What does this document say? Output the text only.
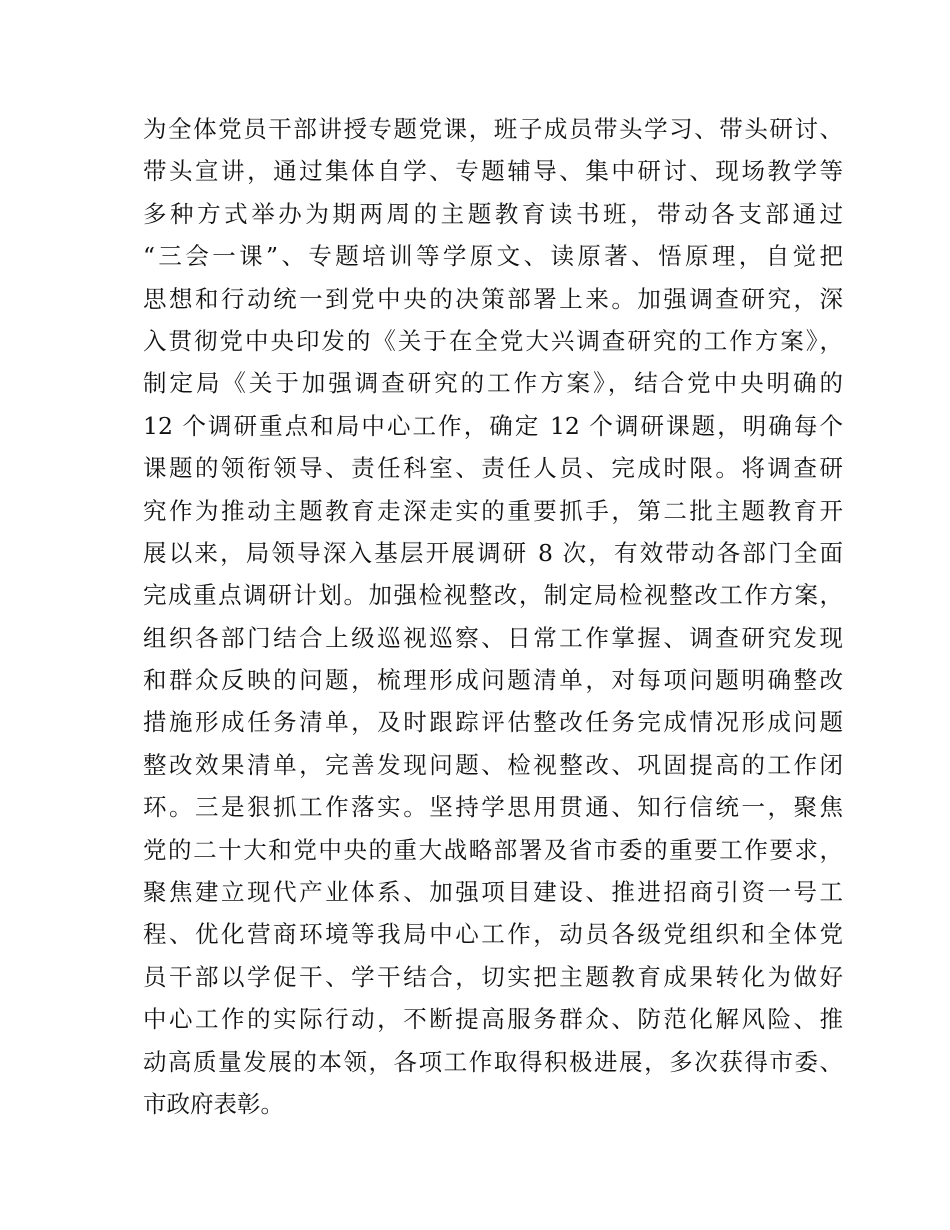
为全体党员干部讲授专题党课，班子成员带头学习、带头研讨、
带头宣讲，通过集体自学、专题辅导、集中研讨、现场教学等
多种方式举办为期两周的主题教育读书班，带动各支部通过
“三会一课”、专题培训等学原文、读原著、悟原理，自觉把
思想和行动统一到党中央的决策部署上来。加强调查研究，深
入贯彻党中央印发的《关于在全党大兴调查研究的工作方案》，
制定局《关于加强调查研究的工作方案》，结合党中央明确的
12 个调研重点和局中心工作，确定 12 个调研课题，明确每个
课题的领衔领导、责任科室、责任人员、完成时限。将调查研
究作为推动主题教育走深走实的重要抓手，第二批主题教育开
展以来，局领导深入基层开展调研 8 次，有效带动各部门全面
完成重点调研计划。加强检视整改，制定局检视整改工作方案，
组织各部门结合上级巡视巡察、日常工作掌握、调查研究发现
和群众反映的问题，梳理形成问题清单，对每项问题明确整改
措施形成任务清单，及时跟踪评估整改任务完成情况形成问题
整改效果清单，完善发现问题、检视整改、巩固提高的工作闭
环。三是狠抓工作落实。坚持学思用贯通、知行信统一，聚焦
党的二十大和党中央的重大战略部署及省市委的重要工作要求，
聚焦建立现代产业体系、加强项目建设、推进招商引资一号工
程、优化营商环境等我局中心工作，动员各级党组织和全体党
员干部以学促干、学干结合，切实把主题教育成果转化为做好
中心工作的实际行动，不断提高服务群众、防范化解风险、推
动高质量发展的本领，各项工作取得积极进展，多次获得市委、
市政府表彰。
